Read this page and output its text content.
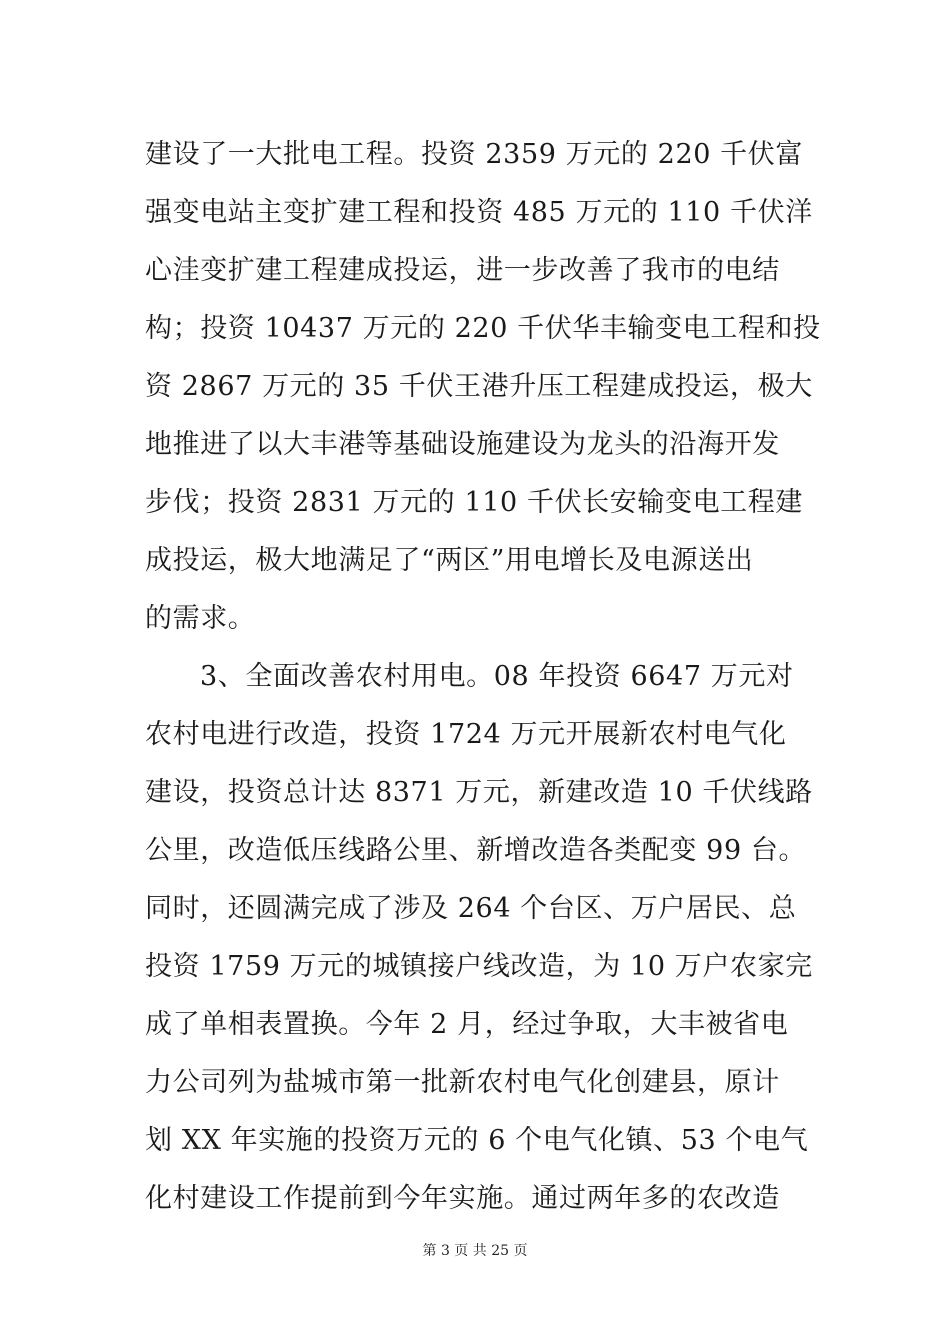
建设了一大批电工程。投资 2359 万元的 220 千伏富
强变电站主变扩建工程和投资 485 万元的 110 千伏洋
心洼变扩建工程建成投运，进一步改善了我市的电结
构；投资 10437 万元的 220 千伏华丰输变电工程和投
资 2867 万元的 35 千伏王港升压工程建成投运，极大
地推进了以大丰港等基础设施建设为龙头的沿海开发
步伐；投资 2831 万元的 110 千伏长安输变电工程建
成投运，极大地满足了“两区”用电增长及电源送出
的需求。
3、全面改善农村用电。08 年投资 6647 万元对
农村电进行改造，投资 1724 万元开展新农村电气化
建设，投资总计达 8371 万元，新建改造 10 千伏线路
公里，改造低压线路公里、新增改造各类配变 99 台。
同时，还圆满完成了涉及 264 个台区、万户居民、总
投资 1759 万元的城镇接户线改造，为 10 万户农家完
成了单相表置换。今年 2 月，经过争取，大丰被省电
力公司列为盐城市第一批新农村电气化创建县，原计
划 XX 年实施的投资万元的 6 个电气化镇、53 个电气
化村建设工作提前到今年实施。通过两年多的农改造
第 3 页 共 25 页
